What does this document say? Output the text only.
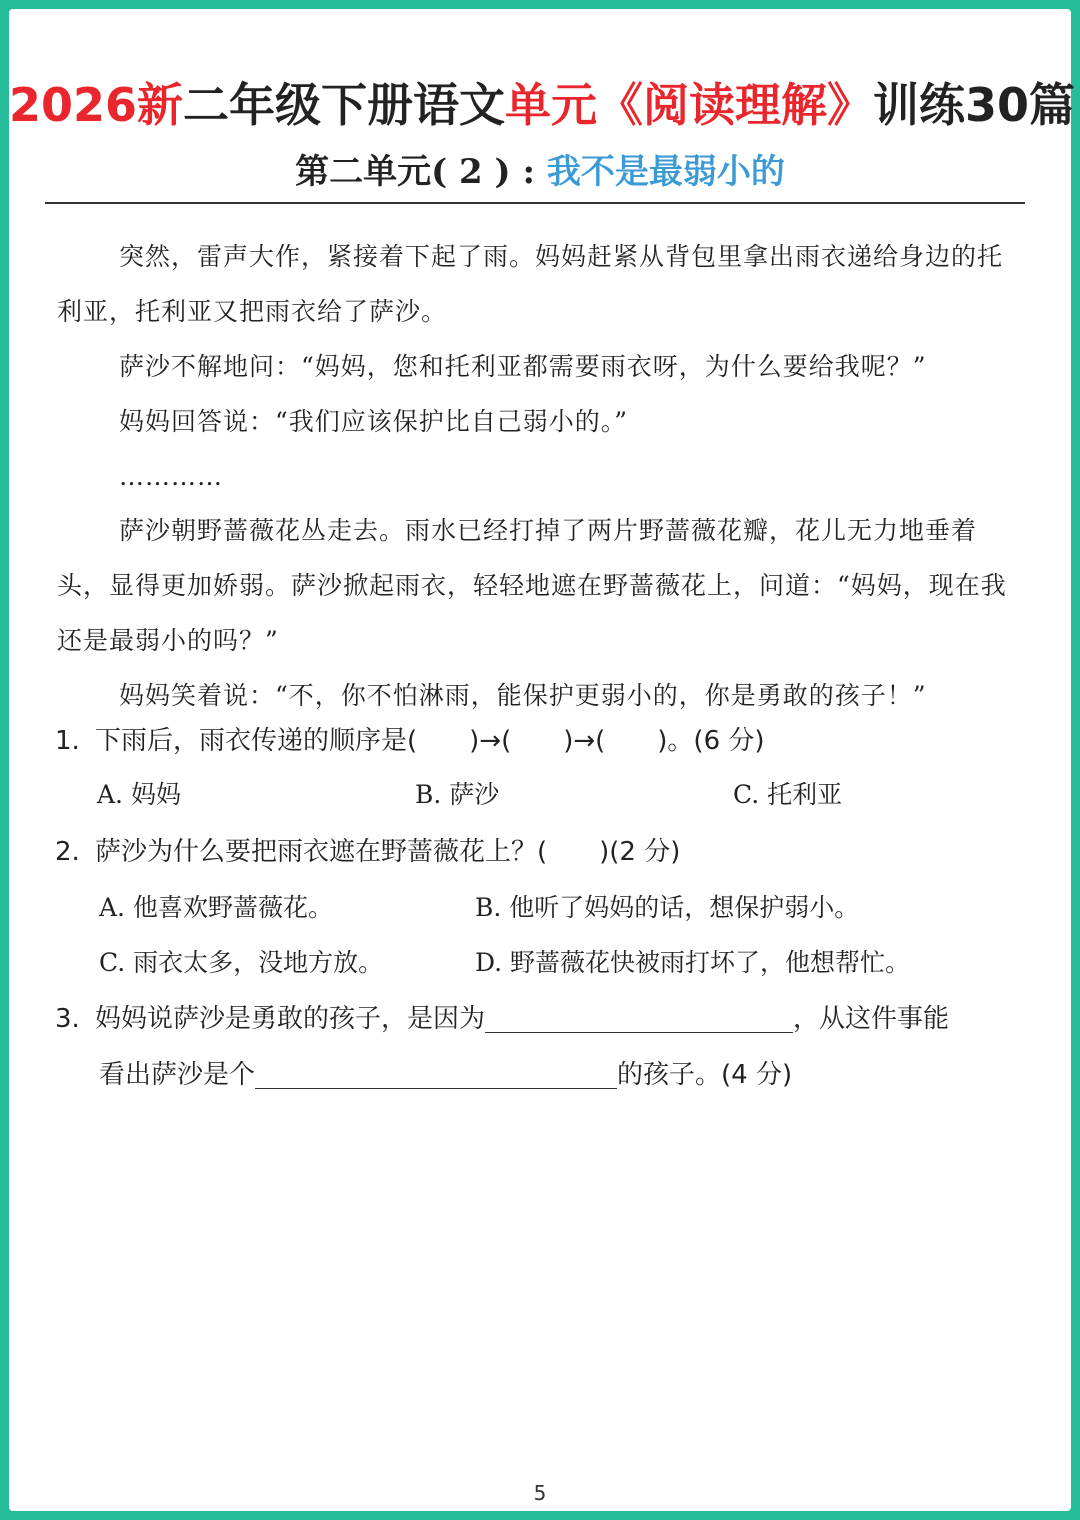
2026新二年级下册语文单元《阅读理解》训练30篇
第二单元( 2 ) : 我不是最弱小的
突然，雷声大作，紧接着下起了雨。妈妈赶紧从背包里拿出雨衣递给身边的托利亚，托利亚又把雨衣给了萨沙。
萨沙不解地问：“妈妈，您和托利亚都需要雨衣呀，为什么要给我呢？”
妈妈回答说：“我们应该保护比自己弱小的。”
…………
萨沙朝野蔷薇花丛走去。雨水已经打掉了两片野蔷薇花瓣，花儿无力地垂着头，显得更加娇弱。萨沙掀起雨衣，轻轻地遮在野蔷薇花上，问道：“妈妈，现在我还是最弱小的吗？”
妈妈笑着说：“不，你不怕淋雨，能保护更弱小的，你是勇敢的孩子！”
1. 下雨后，雨衣传递的顺序是(　　)→(　　)→(　　)。(6 分)
A. 妈妈	B. 萨沙	C. 托利亚
2. 萨沙为什么要把雨衣遮在野蔷薇花上？(　　)(2 分)
A. 他喜欢野蔷薇花。	B. 他听了妈妈的话，想保护弱小。
C. 雨衣太多，没地方放。	D. 野蔷薇花快被雨打坏了，他想帮忙。
3. 妈妈说萨沙是勇敢的孩子，是因为	，从这件事能
看出萨沙是个	的孩子。(4 分)
5
